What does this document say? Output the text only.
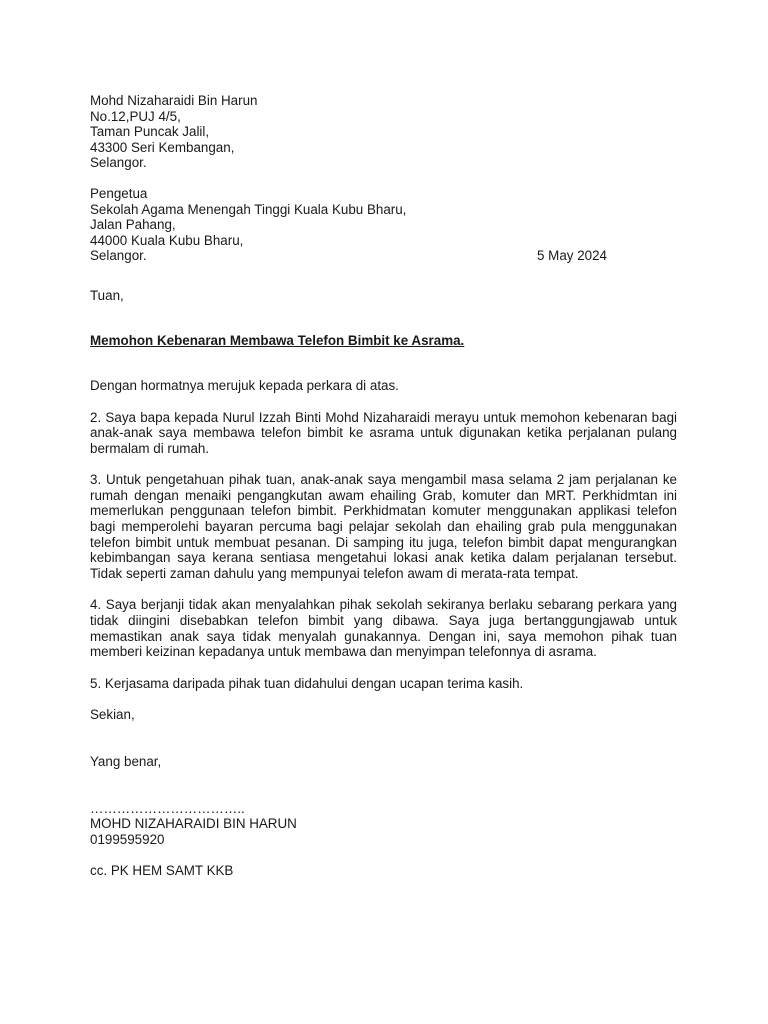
Mohd Nizaharaidi Bin Harun
No.12,PUJ 4/5,
Taman Puncak Jalil,
43300 Seri Kembangan,
Selangor.
Pengetua
Sekolah Agama Menengah Tinggi Kuala Kubu Bharu,
Jalan Pahang,
44000 Kuala Kubu Bharu,
Selangor.	5 May 2024

Tuan,

Memohon Kebenaran Membawa Telefon Bimbit ke Asrama.

Dengan hormatnya merujuk kepada perkara di atas.

2. Saya bapa kepada Nurul Izzah Binti Mohd Nizaharaidi merayu untuk memohon kebenaran bagi anak-anak saya membawa telefon bimbit ke asrama untuk digunakan ketika perjalanan pulang bermalam di rumah.

3. Untuk pengetahuan pihak tuan, anak-anak saya mengambil masa selama 2 jam perjalanan ke rumah dengan menaiki pengangkutan awam ehailing Grab, komuter dan MRT. Perkhidmtan ini memerlukan penggunaan telefon bimbit. Perkhidmatan komuter menggunakan applikasi telefon bagi memperolehi bayaran percuma bagi pelajar sekolah dan ehailing grab pula menggunakan telefon bimbit untuk membuat pesanan. Di samping itu juga, telefon bimbit dapat mengurangkan kebimbangan saya kerana sentiasa mengetahui lokasi anak ketika dalam perjalanan tersebut. Tidak seperti zaman dahulu yang mempunyai telefon awam di merata-rata tempat.

4. Saya berjanji tidak akan menyalahkan pihak sekolah sekiranya berlaku sebarang perkara yang tidak diingini disebabkan telefon bimbit yang dibawa. Saya juga bertanggungjawab untuk memastikan anak saya tidak menyalah gunakannya. Dengan ini, saya memohon pihak tuan memberi keizinan kepadanya untuk membawa dan menyimpan telefonnya di asrama.

5. Kerjasama daripada pihak tuan didahului dengan ucapan terima kasih.

Sekian,

Yang benar,

……………………………..

MOHD NIZAHARAIDI BIN HARUN

0199595920

cc. PK HEM SAMT KKB
